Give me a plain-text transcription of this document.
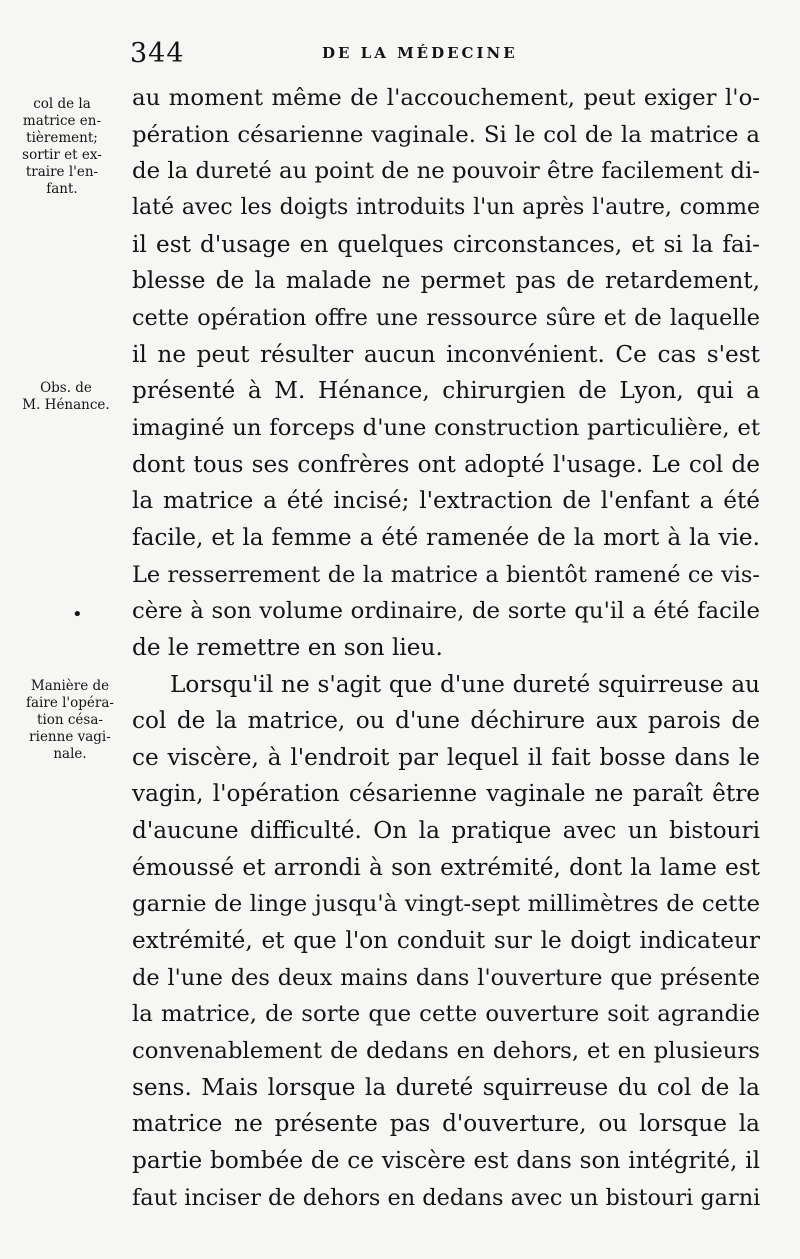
344	DE LA MÉDECINE
col de la
matrice en-
tièrement;
sortir et ex-
traire l'en-
fant.
Obs. de
M. Hénance.
•
Manière de
faire l'opéra-
tion césa-
rienne vagi-
nale.
au moment même de l'accouchement, peut exiger l'o-
pération césarienne vaginale. Si le col de la matrice a
de la dureté au point de ne pouvoir être facilement di-
laté avec les doigts introduits l'un après l'autre, comme
il est d'usage en quelques circonstances, et si la fai-
blesse de la malade ne permet pas de retardement,
cette opération offre une ressource sûre et de laquelle
il ne peut résulter aucun inconvénient. Ce cas s'est
présenté à M. Hénance, chirurgien de Lyon, qui a
imaginé un forceps d'une construction particulière, et
dont tous ses confrères ont adopté l'usage. Le col de
la matrice a été incisé; l'extraction de l'enfant a été
facile, et la femme a été ramenée de la mort à la vie.
Le resserrement de la matrice a bientôt ramené ce vis-
cère à son volume ordinaire, de sorte qu'il a été facile
de le remettre en son lieu.
Lorsqu'il ne s'agit que d'une dureté squirreuse au
col de la matrice, ou d'une déchirure aux parois de
ce viscère, à l'endroit par lequel il fait bosse dans le
vagin, l'opération césarienne vaginale ne paraît être
d'aucune difficulté. On la pratique avec un bistouri
émoussé et arrondi à son extrémité, dont la lame est
garnie de linge jusqu'à vingt-sept millimètres de cette
extrémité, et que l'on conduit sur le doigt indicateur
de l'une des deux mains dans l'ouverture que présente
la matrice, de sorte que cette ouverture soit agrandie
convenablement de dedans en dehors, et en plusieurs
sens. Mais lorsque la dureté squirreuse du col de la
matrice ne présente pas d'ouverture, ou lorsque la
partie bombée de ce viscère est dans son intégrité, il
faut inciser de dehors en dedans avec un bistouri garni
